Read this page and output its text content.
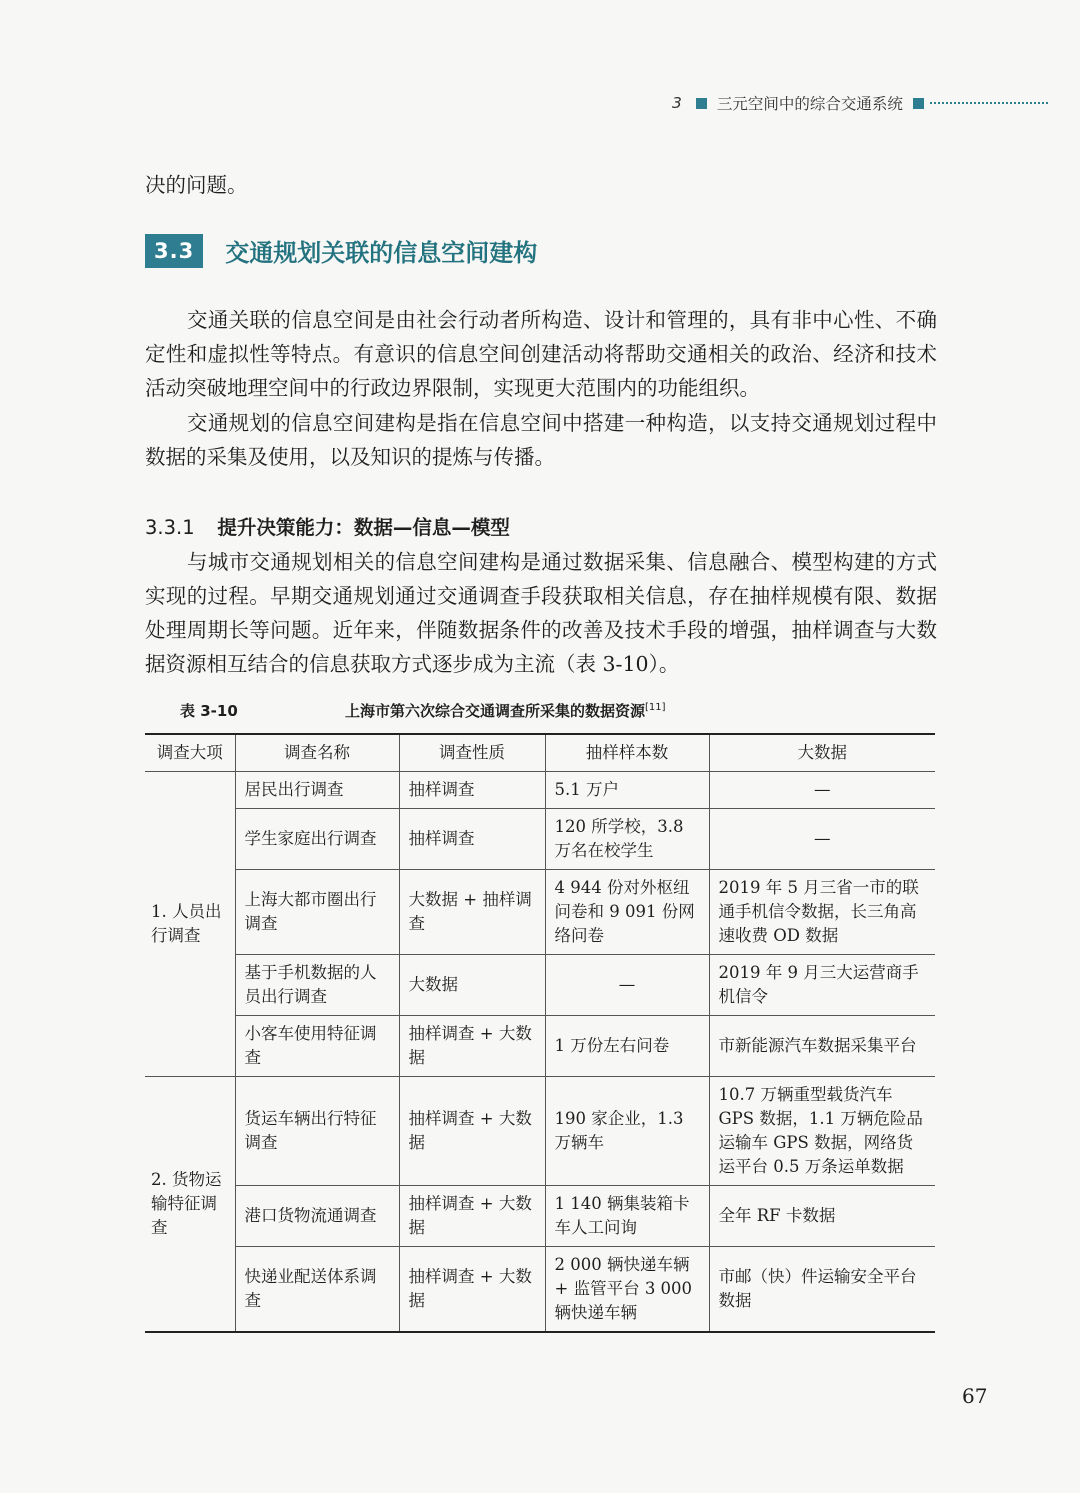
3 三元空间中的综合交通系统
决的问题。
3.3	交通规划关联的信息空间建构
交通关联的信息空间是由社会行动者所构造、设计和管理的，具有非中心性、不确定性和虚拟性等特点。有意识的信息空间创建活动将帮助交通相关的政治、经济和技术活动突破地理空间中的行政边界限制，实现更大范围内的功能组织。
交通规划的信息空间建构是指在信息空间中搭建一种构造，以支持交通规划过程中数据的采集及使用，以及知识的提炼与传播。
3.3.1 提升决策能力：数据—信息—模型
与城市交通规划相关的信息空间建构是通过数据采集、信息融合、模型构建的方式实现的过程。早期交通规划通过交通调查手段获取相关信息，存在抽样规模有限、数据处理周期长等问题。近年来，伴随数据条件的改善及技术手段的增强，抽样调查与大数据资源相互结合的信息获取方式逐步成为主流（表 3-10）。
表 3-10	上海市第六次综合交通调查所采集的数据资源[11]
调查大项	调查名称	调查性质	抽样样本数	大数据
1. 人员出行调查	居民出行调查	抽样调查	5.1 万户	—
	学生家庭出行调查	抽样调查	120 所学校，3.8 万名在校学生	—
	上海大都市圈出行调查	大数据 + 抽样调查	4 944 份对外枢纽问卷和 9 091 份网络问卷	2019 年 5 月三省一市的联通手机信令数据，长三角高速收费 OD 数据
	基于手机数据的人员出行调查	大数据	—	2019 年 9 月三大运营商手机信令
	小客车使用特征调查	抽样调查 + 大数据	1 万份左右问卷	市新能源汽车数据采集平台
2. 货物运输特征调查	货运车辆出行特征调查	抽样调查 + 大数据	190 家企业，1.3 万辆车	10.7 万辆重型载货汽车 GPS 数据，1.1 万辆危险品运输车 GPS 数据，网络货运平台 0.5 万条运单数据
	港口货物流通调查	抽样调查 + 大数据	1 140 辆集装箱卡车人工问询	全年 RF 卡数据
	快递业配送体系调查	抽样调查 + 大数据	2 000 辆快递车辆 + 监管平台 3 000 辆快递车辆	市邮（快）件运输安全平台数据
67
